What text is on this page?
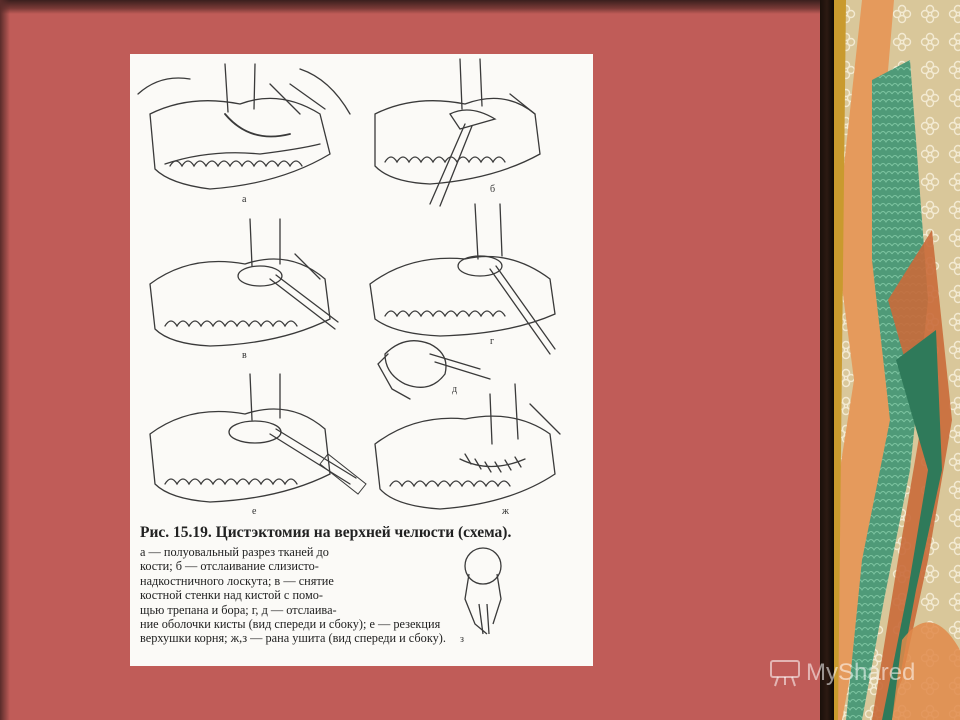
а
б
в
г
д
е	ж
з
Рис. 15.19. Цистэктомия на верхней челюсти (схема).
а — полуовальный разрез тканей до
кости; б — отслаивание слизисто-
надкостничного лоскута; в — снятие
костной стенки над кистой с помо-
щью трепана и бора; г, д — отслаива-
ние оболочки кисты (вид спереди и сбоку); е — резекция
верхушки корня; ж,з — рана ушита (вид спереди и сбоку).
MyShared
